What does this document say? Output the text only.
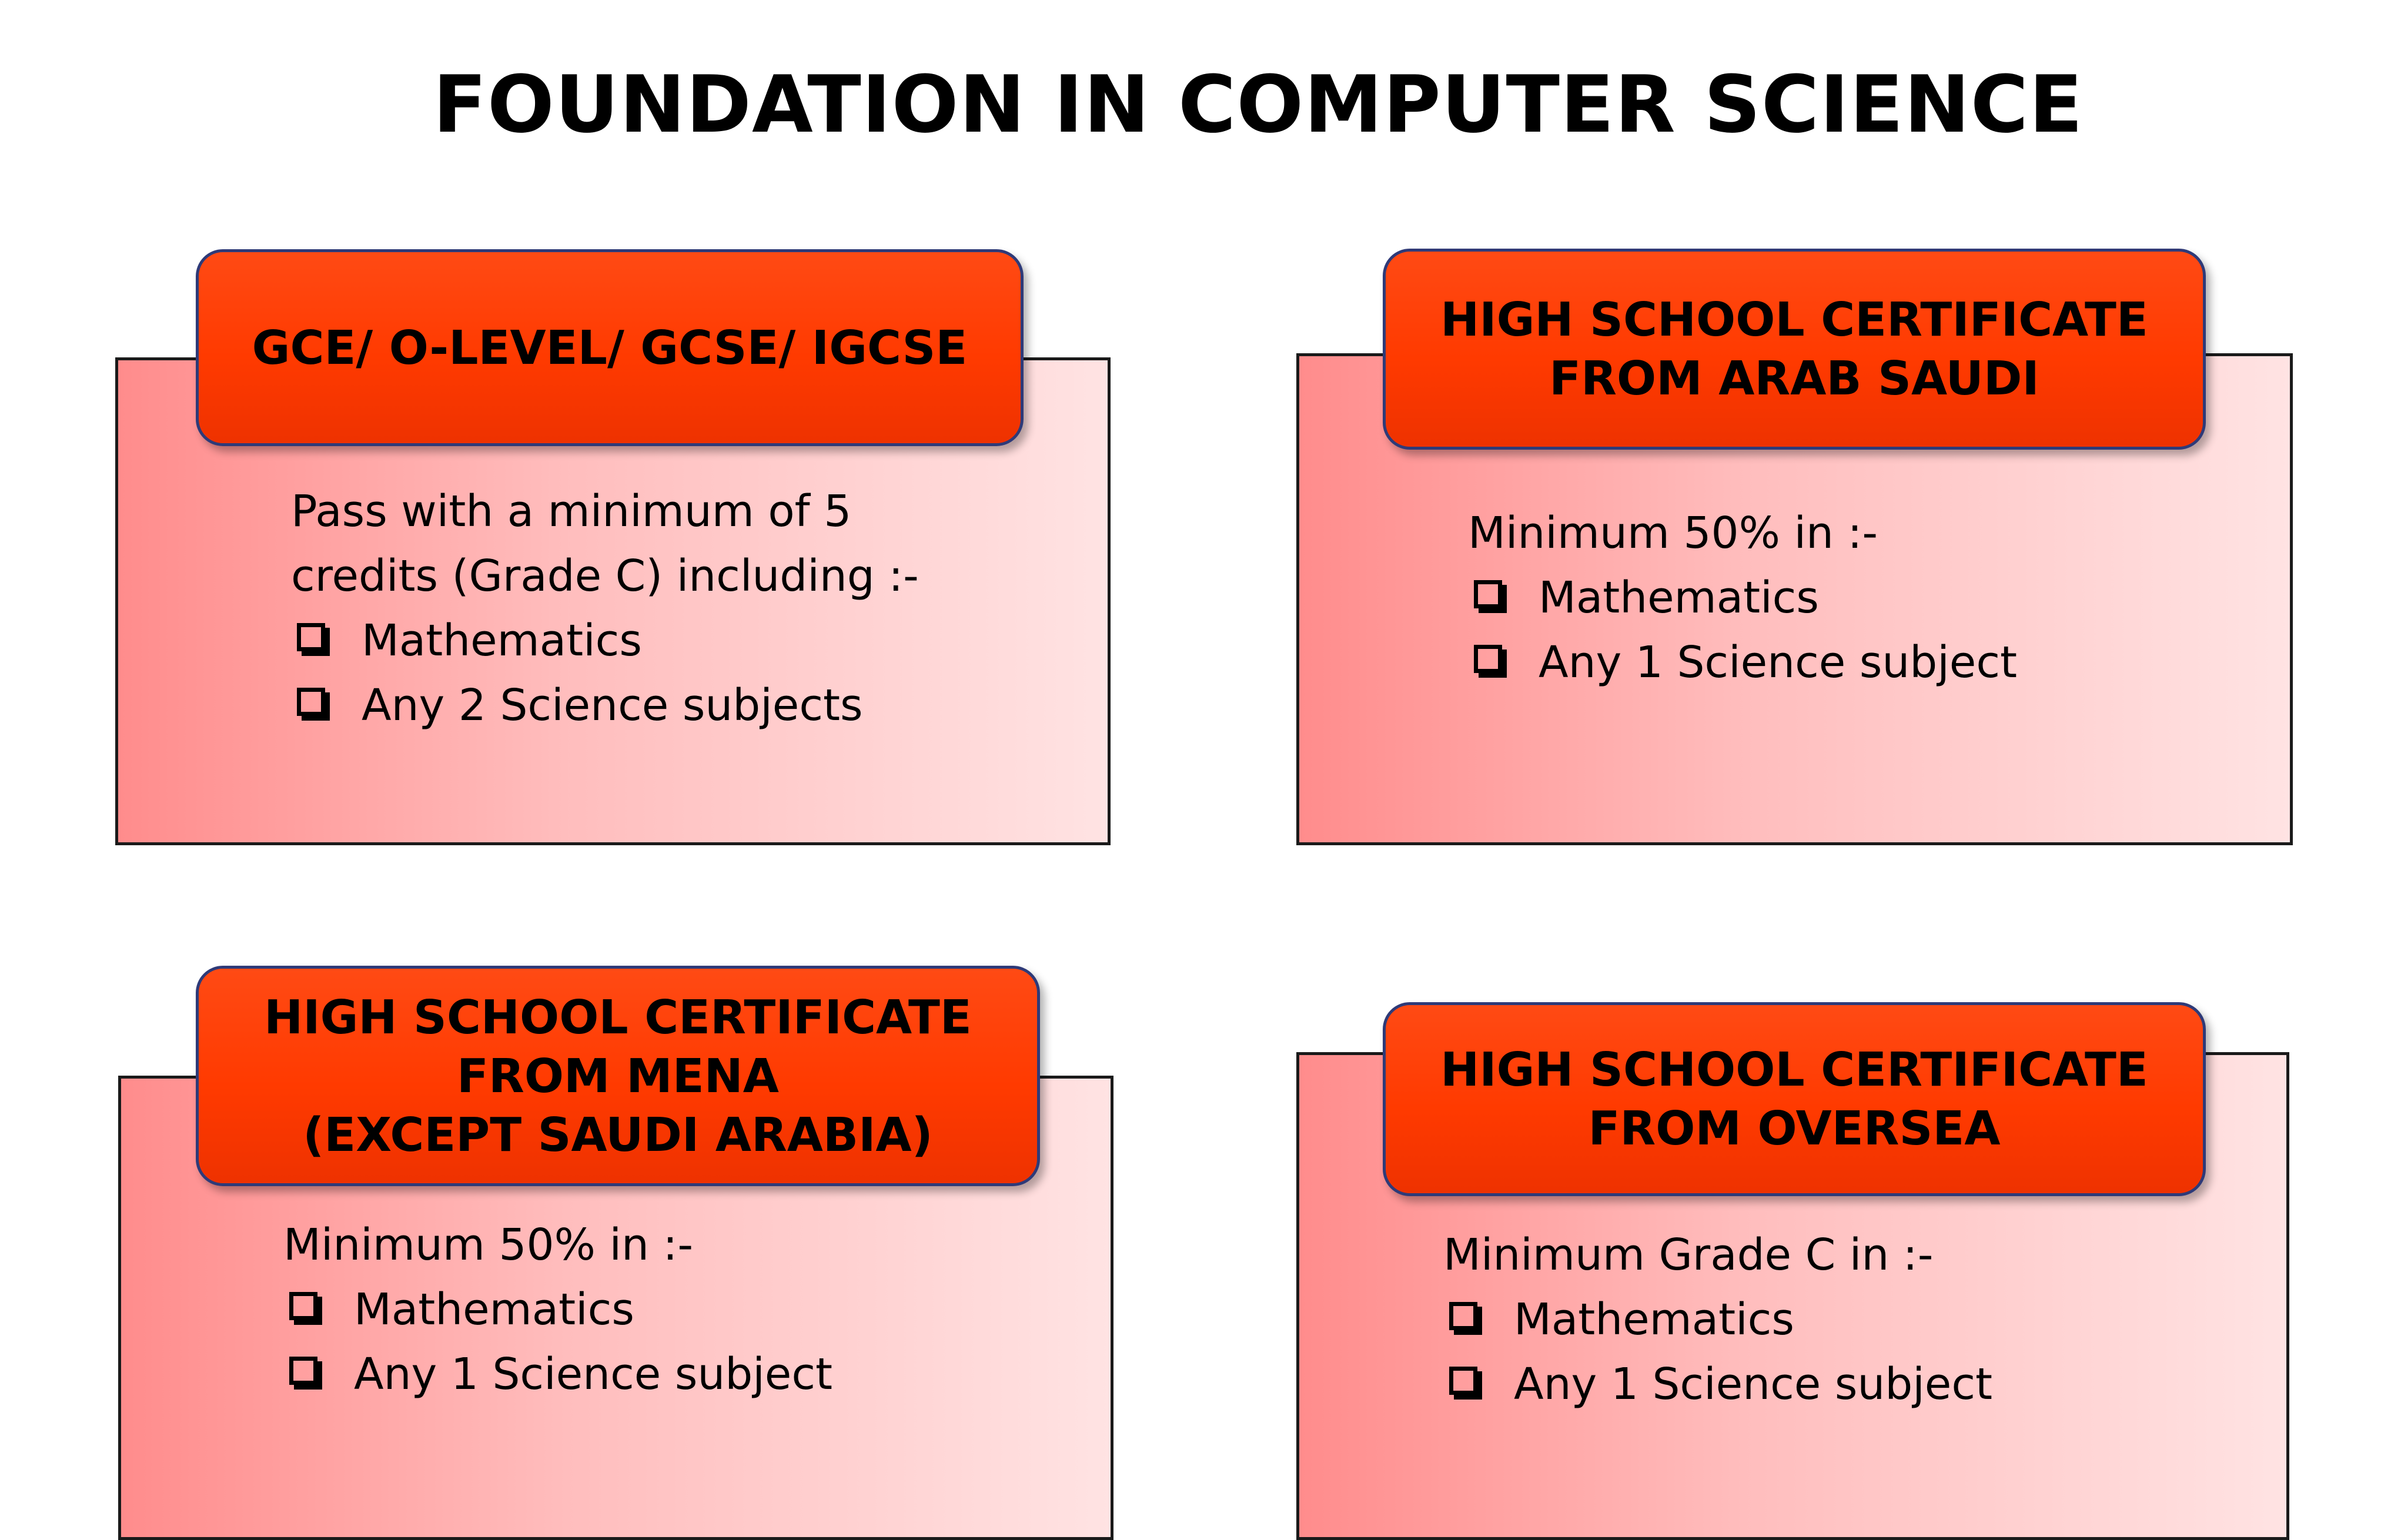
FOUNDATION IN COMPUTER SCIENCE
GCE/ O-LEVEL/ GCSE/ IGCSE
Pass with a minimum of 5
credits (Grade C) including :-
Mathematics
Any 2 Science subjects
HIGH SCHOOL CERTIFICATE
FROM ARAB SAUDI
Minimum 50% in :-
Mathematics
Any 1 Science subject
HIGH SCHOOL CERTIFICATE
FROM MENA
(EXCEPT SAUDI ARABIA)
Minimum 50% in :-
Mathematics
Any 1 Science subject
HIGH SCHOOL CERTIFICATE
FROM OVERSEA
Minimum Grade C in :-
Mathematics
Any 1 Science subject
